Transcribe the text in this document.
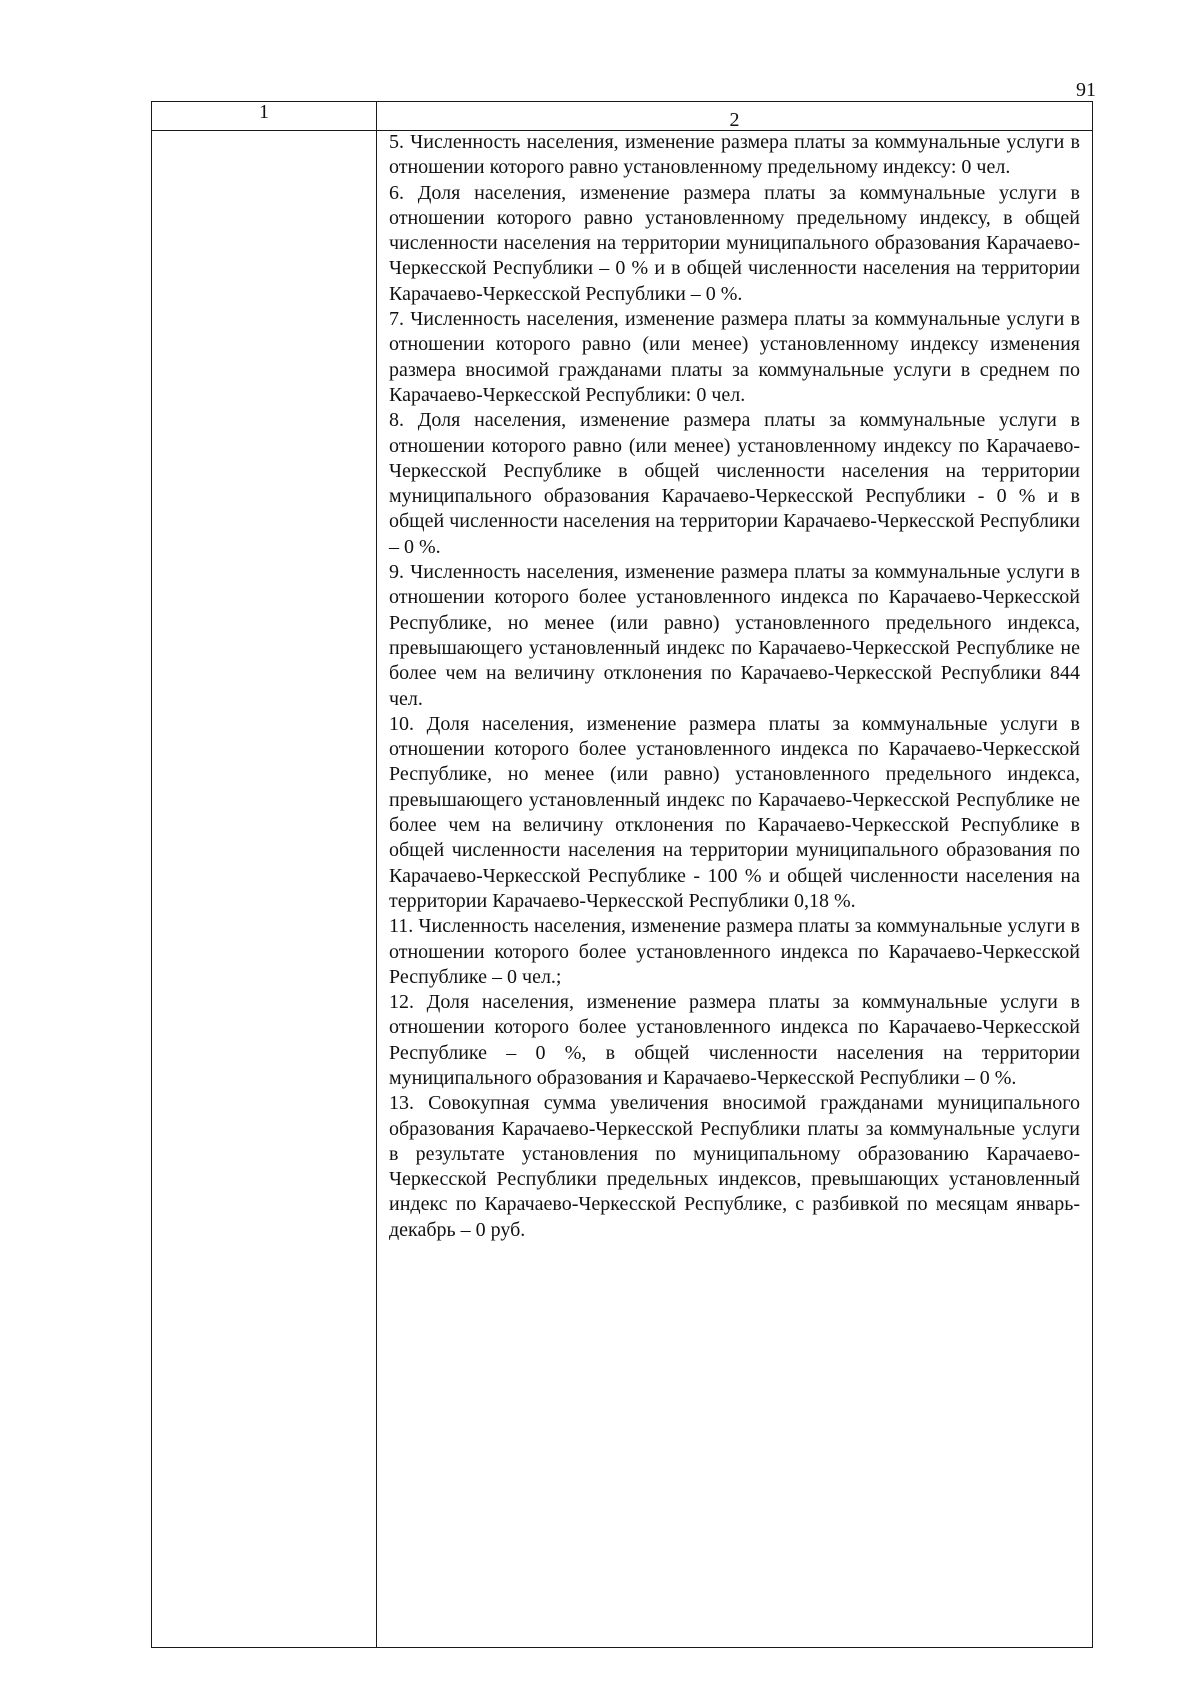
91
1	2

5. Численность населения, изменение размера платы за коммунальные услуги в отношении которого равно установленному предельному индексу: 0 чел.

6. Доля населения, изменение размера платы за коммунальные услуги в отношении которого равно установленному предельному индексу, в общей численности населения на территории муниципального образования Карачаево-Черкесской Республики – 0 % и в общей численности населения на территории Карачаево-Черкесской Республики – 0 %.

7. Численность населения, изменение размера платы за коммунальные услуги в отношении которого равно (или менее) установленному индексу изменения размера вносимой гражданами платы за коммунальные услуги в среднем по Карачаево-Черкесской Республики: 0 чел.

8. Доля населения, изменение размера платы за коммунальные услуги в отношении которого равно (или менее) установленному индексу по Карачаево-Черкесской Республике в общей численности населения на территории муниципального образования Карачаево-Черкесской Республики - 0 % и в общей численности населения на территории Карачаево-Черкесской Республики – 0 %.

9. Численность населения, изменение размера платы за коммунальные услуги в отношении которого более установленного индекса по Карачаево-Черкесской Республике, но менее (или равно) установленного предельного индекса, превышающего установленный индекс по Карачаево-Черкесской Республике не более чем на величину отклонения по Карачаево-Черкесской Республики 844 чел.

10. Доля населения, изменение размера платы за коммунальные услуги в отношении которого более установленного индекса по Карачаево-Черкесской Республике, но менее (или равно) установленного предельного индекса, превышающего установленный индекс по Карачаево-Черкесской Республике не более чем на величину отклонения по Карачаево-Черкесской Республике в общей численности населения на территории муниципального образования по Карачаево-Черкесской Республике - 100 % и общей численности населения на территории Карачаево-Черкесской Республики 0,18 %.

11. Численность населения, изменение размера платы за коммунальные услуги в отношении которого более установленного индекса по Карачаево-Черкесской Республике – 0 чел.;

12. Доля населения, изменение размера платы за коммунальные услуги в отношении которого более установленного индекса по Карачаево-Черкесской Республике – 0 %, в общей численности населения на территории муниципального образования и Карачаево-Черкесской Республики – 0 %.

13. Совокупная сумма увеличения вносимой гражданами муниципального образования Карачаево-Черкесской Республики платы за коммунальные услуги в результате установления по муниципальному образованию Карачаево-Черкесской Республики предельных индексов, превышающих установленный индекс по Карачаево-Черкесской Республике, с разбивкой по месяцам январь-декабрь – 0 руб.
